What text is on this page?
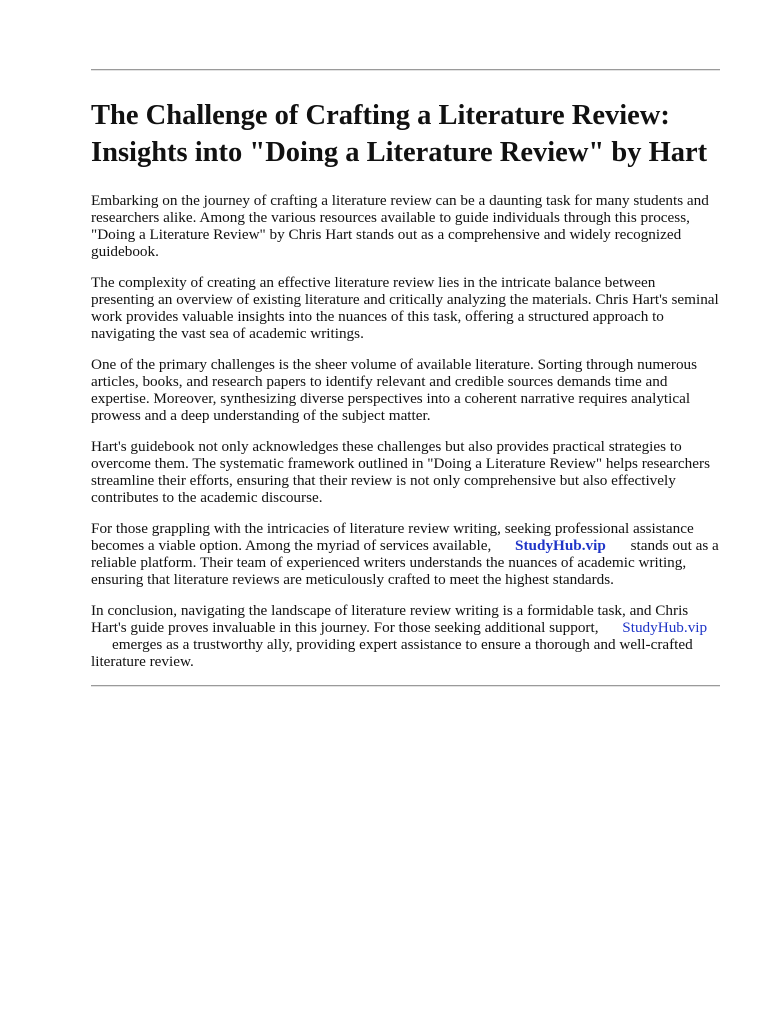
The Challenge of Crafting a Literature Review: Insights into "Doing a Literature Review" by Hart

Embarking on the journey of crafting a literature review can be a daunting task for many students and researchers alike. Among the various resources available to guide individuals through this process, "Doing a Literature Review" by Chris Hart stands out as a comprehensive and widely recognized guidebook.

The complexity of creating an effective literature review lies in the intricate balance between presenting an overview of existing literature and critically analyzing the materials. Chris Hart's seminal work provides valuable insights into the nuances of this task, offering a structured approach to navigating the vast sea of academic writings.

One of the primary challenges is the sheer volume of available literature. Sorting through numerous articles, books, and research papers to identify relevant and credible sources demands time and expertise. Moreover, synthesizing diverse perspectives into a coherent narrative requires analytical prowess and a deep understanding of the subject matter.

Hart's guidebook not only acknowledges these challenges but also provides practical strategies to overcome them. The systematic framework outlined in "Doing a Literature Review" helps researchers streamline their efforts, ensuring that their review is not only comprehensive but also effectively contributes to the academic discourse.

For those grappling with the intricacies of literature review writing, seeking professional assistance becomes a viable option. Among the myriad of services available, StudyHub.vip stands out as a reliable platform. Their team of experienced writers understands the nuances of academic writing, ensuring that literature reviews are meticulously crafted to meet the highest standards.

In conclusion, navigating the landscape of literature review writing is a formidable task, and Chris Hart's guide proves invaluable in this journey. For those seeking additional support, StudyHub.vip
emerges as a trustworthy ally, providing expert assistance to ensure a thorough and well-crafted literature review.
